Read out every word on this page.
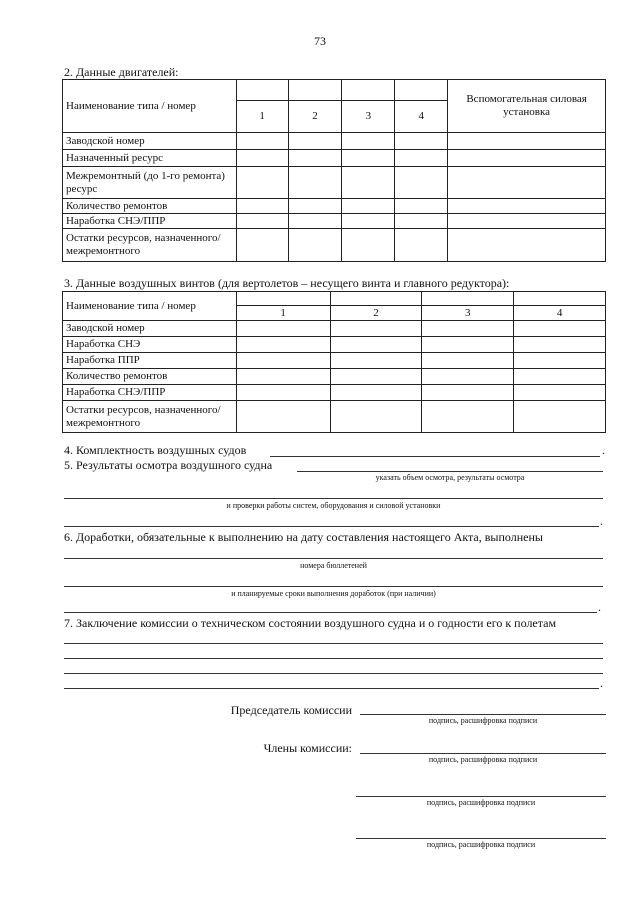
73
2. Данные двигателей:
Наименование типа / номер					Вспомогательная силовая установка
	1	2	3	4	
Заводской номер					
Назначенный ресурс					
Межремонтный (до 1-го ремонта) ресурс					
Количество ремонтов					
Наработка СНЭ/ППР					
Остатки ресурсов, назначенного/межремонтного					
3. Данные воздушных винтов (для вертолетов – несущего винта и главного редуктора):
Наименование типа / номер				
	1	2	3	4
Заводской номер				
Наработка СНЭ				
Наработка ППР				
Количество ремонтов				
Наработка СНЭ/ППР				
Остатки ресурсов, назначенного/межремонтного				
4. Комплектность воздушных судов	.
5. Результаты осмотра воздушного судна
указать объем осмотра, результаты осмотра
и проверки работы систем, оборудования и силовой установки
.
6. Доработки, обязательные к выполнению на дату составления настоящего Акта, выполнены
номера бюллетеней
и планируемые сроки выполнения доработок (при наличии)
.
7. Заключение комиссии о техническом состоянии воздушного судна и о годности его к полетам
.
Председатель комиссии
подпись, расшифровка подписи
Члены комиссии:
подпись, расшифровка подписи
подпись, расшифровка подписи
подпись, расшифровка подписи
